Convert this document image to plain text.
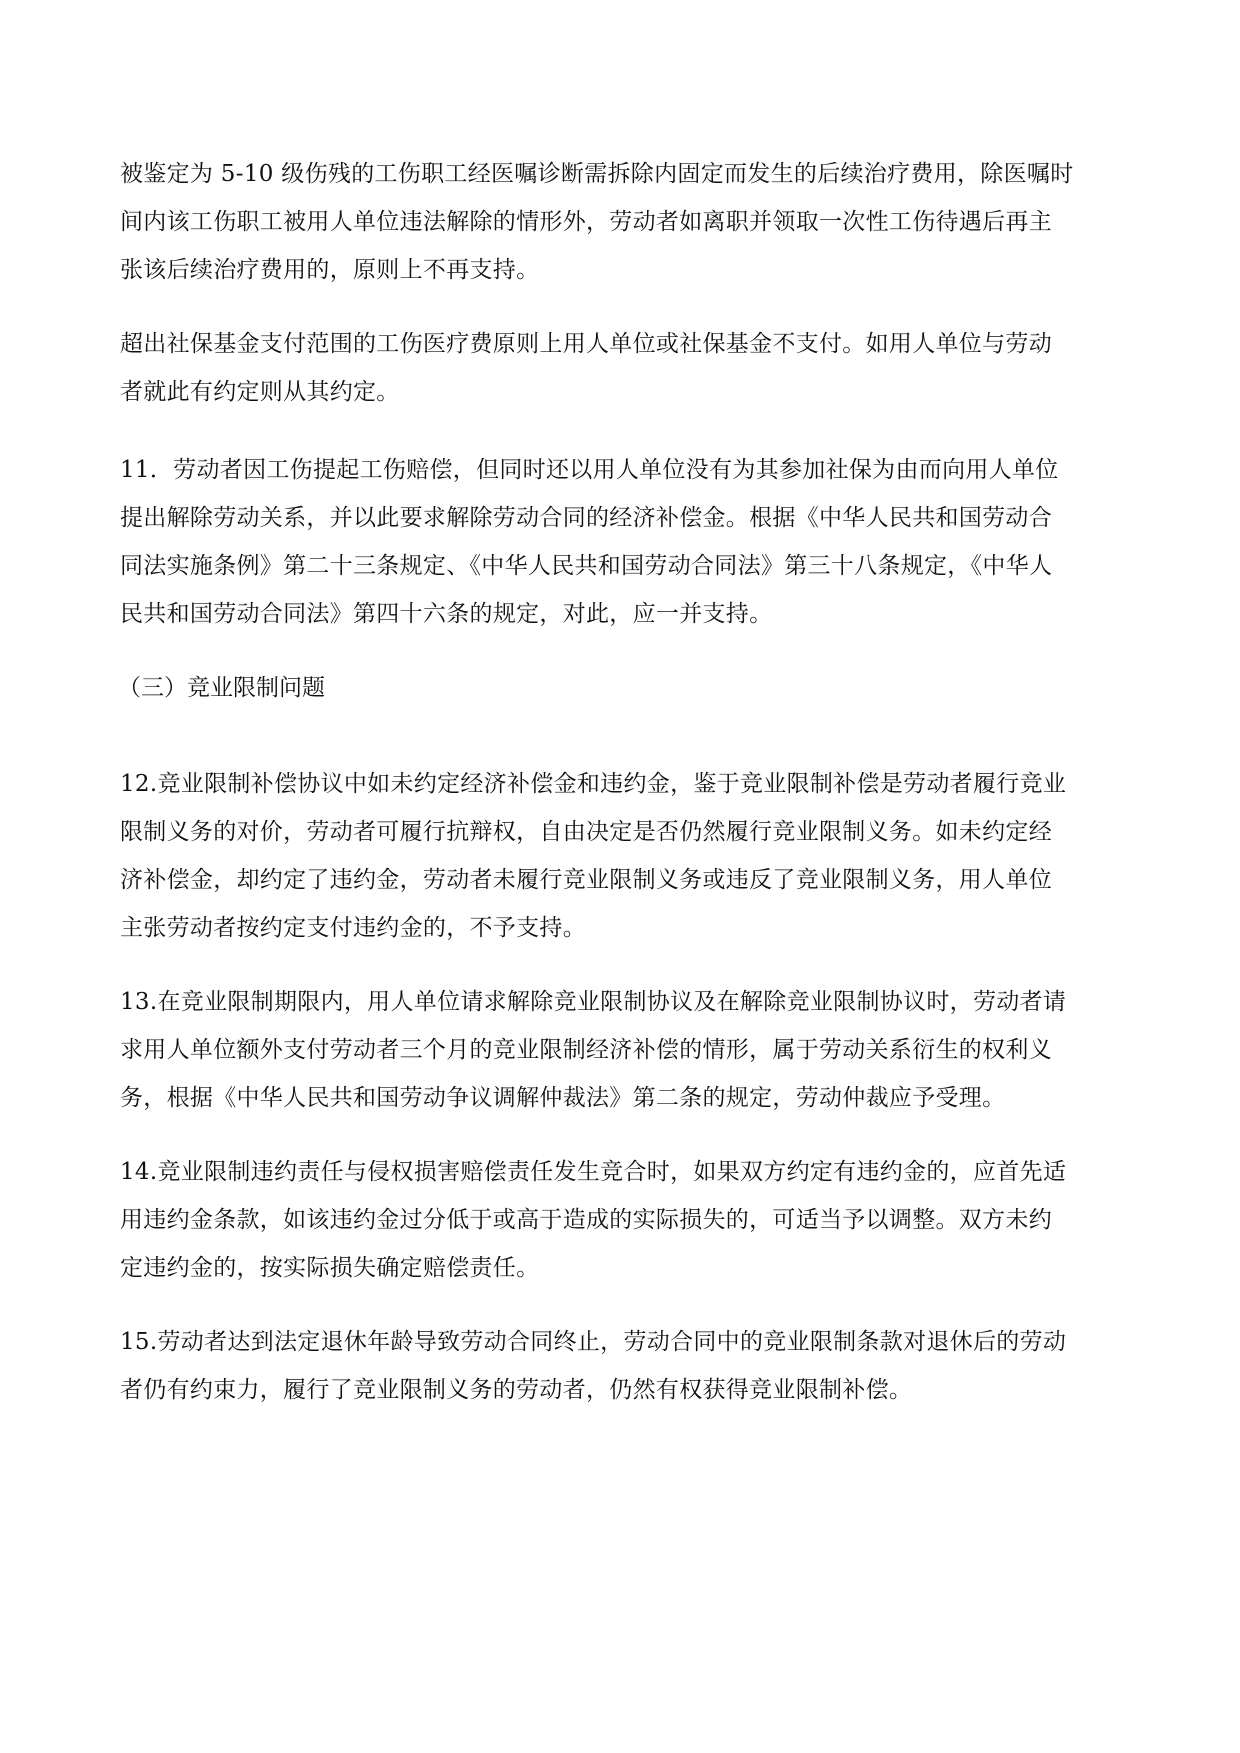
被鉴定为 5-10 级伤残的工伤职工经医嘱诊断需拆除内固定而发生的后续治疗费用，除医嘱时
间内该工伤职工被用人单位违法解除的情形外，劳动者如离职并领取一次性工伤待遇后再主
张该后续治疗费用的，原则上不再支持。

超出社保基金支付范围的工伤医疗费原则上用人单位或社保基金不支付。如用人单位与劳动
者就此有约定则从其约定。

11．劳动者因工伤提起工伤赔偿，但同时还以用人单位没有为其参加社保为由而向用人单位
提出解除劳动关系，并以此要求解除劳动合同的经济补偿金。根据《中华人民共和国劳动合
同法实施条例》第二十三条规定、《中华人民共和国劳动合同法》第三十八条规定，《中华人
民共和国劳动合同法》第四十六条的规定，对此，应一并支持。

（三）竞业限制问题

12.竞业限制补偿协议中如未约定经济补偿金和违约金，鉴于竞业限制补偿是劳动者履行竞业
限制义务的对价，劳动者可履行抗辩权，自由决定是否仍然履行竞业限制义务。如未约定经
济补偿金，却约定了违约金，劳动者未履行竞业限制义务或违反了竞业限制义务，用人单位
主张劳动者按约定支付违约金的，不予支持。

13.在竞业限制期限内，用人单位请求解除竞业限制协议及在解除竞业限制协议时，劳动者请
求用人单位额外支付劳动者三个月的竞业限制经济补偿的情形，属于劳动关系衍生的权利义
务，根据《中华人民共和国劳动争议调解仲裁法》第二条的规定，劳动仲裁应予受理。

14.竞业限制违约责任与侵权损害赔偿责任发生竞合时，如果双方约定有违约金的，应首先适
用违约金条款，如该违约金过分低于或高于造成的实际损失的，可适当予以调整。双方未约
定违约金的，按实际损失确定赔偿责任。

15.劳动者达到法定退休年龄导致劳动合同终止，劳动合同中的竞业限制条款对退休后的劳动
者仍有约束力，履行了竞业限制义务的劳动者，仍然有权获得竞业限制补偿。
